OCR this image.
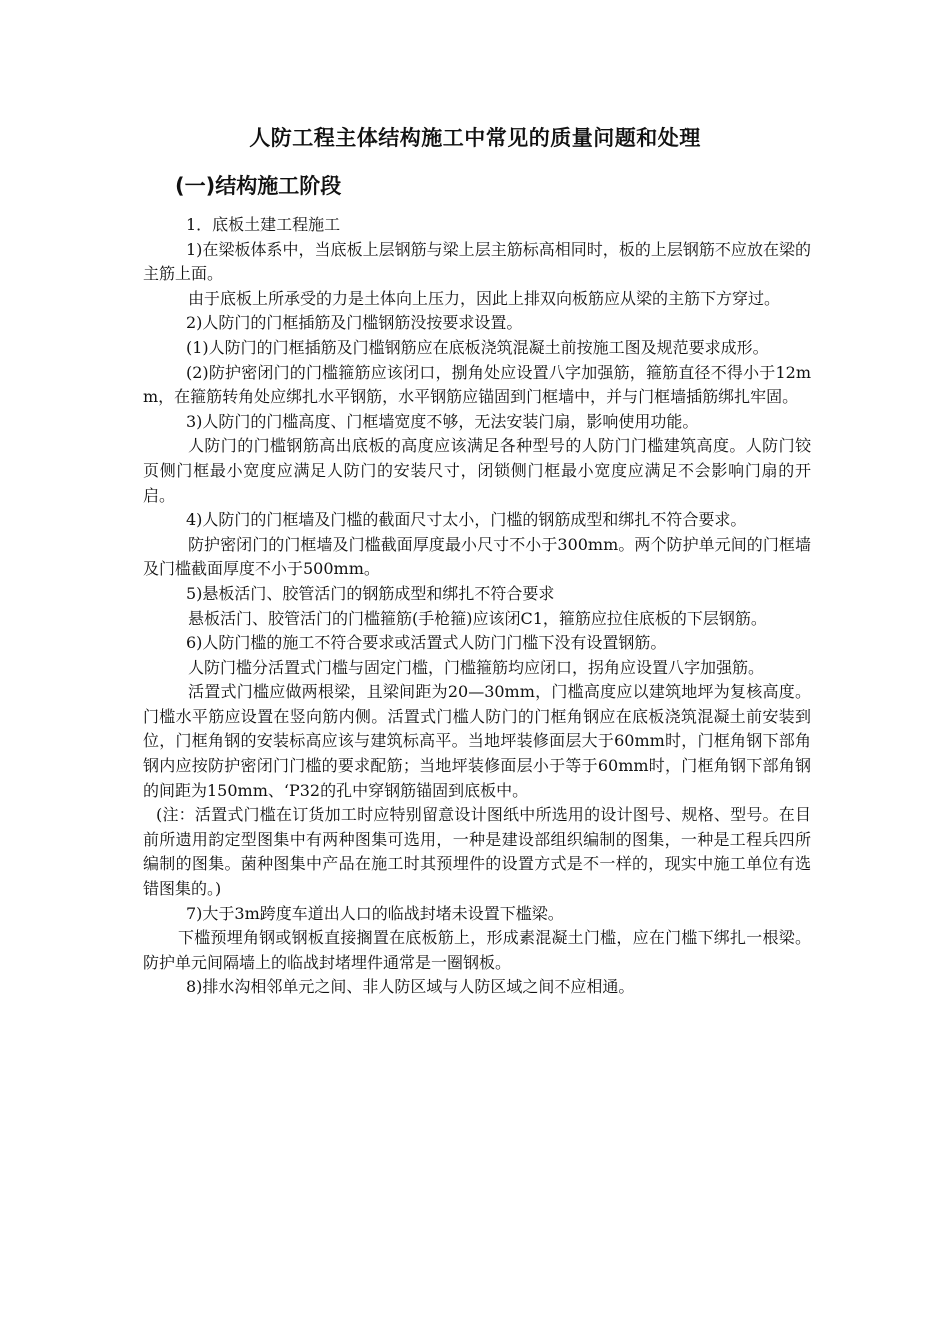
人防工程主体结构施工中常见的质量问题和处理
(一)结构施工阶段

1．底板土建工程施工

1)在梁板体系中，当底板上层钢筋与梁上层主筋标高相同时，板的上层钢筋不应放在梁的主筋上面。

由于底板上所承受的力是土体向上压力，因此上排双向板筋应从梁的主筋下方穿过。

2)人防门的门框插筋及门槛钢筋没按要求设置。

(1)人防门的门框插筋及门槛钢筋应在底板浇筑混凝土前按施工图及规范要求成形。

(2)防护密闭门的门槛箍筋应该闭口，捌角处应设置八字加强筋，箍筋直径不得小于12mm，在箍筋转角处应绑扎水平钢筋，水平钢筋应锚固到门框墙中，并与门框墙插筋绑扎牢固。

3)人防门的门槛高度、门框墙宽度不够，无法安装门扇，影响使用功能。

人防门的门槛钢筋高出底板的高度应该满足各种型号的人防门门槛建筑高度。人防门铰页侧门框最小宽度应满足人防门的安装尺寸，闭锁侧门框最小宽度应满足不会影响门扇的开启。

4)人防门的门框墙及门槛的截面尺寸太小，门槛的钢筋成型和绑扎不符合要求。

防护密闭门的门框墙及门槛截面厚度最小尺寸不小于300mm。两个防护单元间的门框墙及门槛截面厚度不小于500mm。

5)悬板活门、胶管活门的钢筋成型和绑扎不符合要求

悬板活门、胶管活门的门槛箍筋(手枪箍)应该闭C1，箍筋应拉住底板的下层钢筋。

6)人防门槛的施工不符合要求或活置式人防门门槛下没有设置钢筋。

人防门槛分活置式门槛与固定门槛，门槛箍筋均应闭口，拐角应设置八字加强筋。

活置式门槛应做两根梁，且梁间距为20—30mm，门槛高度应以建筑地坪为复核高度。门槛水平筋应设置在竖向筋内侧。活置式门槛人防门的门框角钢应在底板浇筑混凝土前安装到位，门框角钢的安装标高应该与建筑标高平。当地坪装修面层大于60mm时，门框角钢下部角钢内应按防护密闭门门槛的要求配筋；当地坪装修面层小于等于60mm时，门框角钢下部角钢的间距为150mm、‘P32的孔中穿钢筋锚固到底板中。

(注：活置式门槛在订货加工时应特别留意设计图纸中所选用的设计图号、规格、型号。在目前所遗用韵定型图集中有两种图集可选用，一种是建设部组织编制的图集，一种是工程兵四所编制的图集。菌种图集中产品在施工时其预埋件的设置方式是不一样的，现实中施工单位有选错图集的。)

7)大于3m跨度车道出人口的临战封堵未设置下槛梁。

下槛预埋角钢或钢板直接搁置在底板筋上，形成素混凝土门槛，应在门槛下绑扎一根梁。防护单元间隔墙上的临战封堵埋件通常是一圈钢板。

8)排水沟相邻单元之间、非人防区域与人防区域之间不应相通。
